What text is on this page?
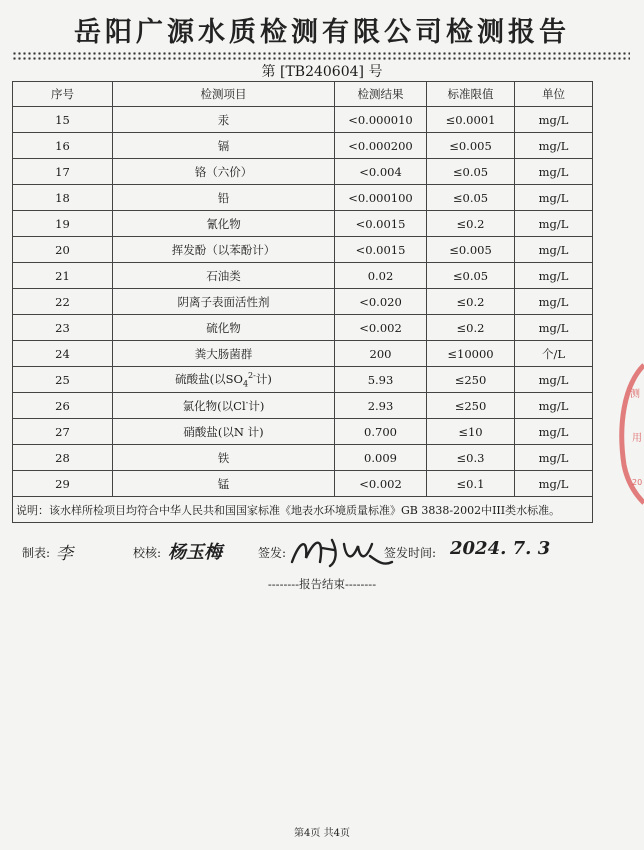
岳阳广源水质检测有限公司检测报告
第 [TB240604] 号
序号	检测项目	检测结果	标准限值	单位
15	汞	<0.000010	≤0.0001	mg/L
16	镉	<0.000200	≤0.005	mg/L
17	铬（六价）	<0.004	≤0.05	mg/L
18	铅	<0.000100	≤0.05	mg/L
19	氰化物	<0.0015	≤0.2	mg/L
20	挥发酚（以苯酚计）	<0.0015	≤0.005	mg/L
21	石油类	0.02	≤0.05	mg/L
22	阴离子表面活性剂	<0.020	≤0.2	mg/L
23	硫化物	<0.002	≤0.2	mg/L
24	粪大肠菌群	200	≤10000	个/L
25	硫酸盐(以$SO_4^{2-}$计)	5.93	≤250	mg/L
26	氯化物(以Cl-计)	2.93	≤250	mg/L
27	硝酸盐(以N 计)	0.700	≤10	mg/L
28	铁	0.009	≤0.3	mg/L
29	锰	<0.002	≤0.1	mg/L
说明：该水样所检项目均符合中华人民共和国国家标准《地表水环境质量标准》GB 3838-2002中III类水标准。				
制表: 李	校核: 杨玉梅	签发:	签发时间: 2024. 7. 3
--------报告结束--------
测
用
20
第4页 共4页
